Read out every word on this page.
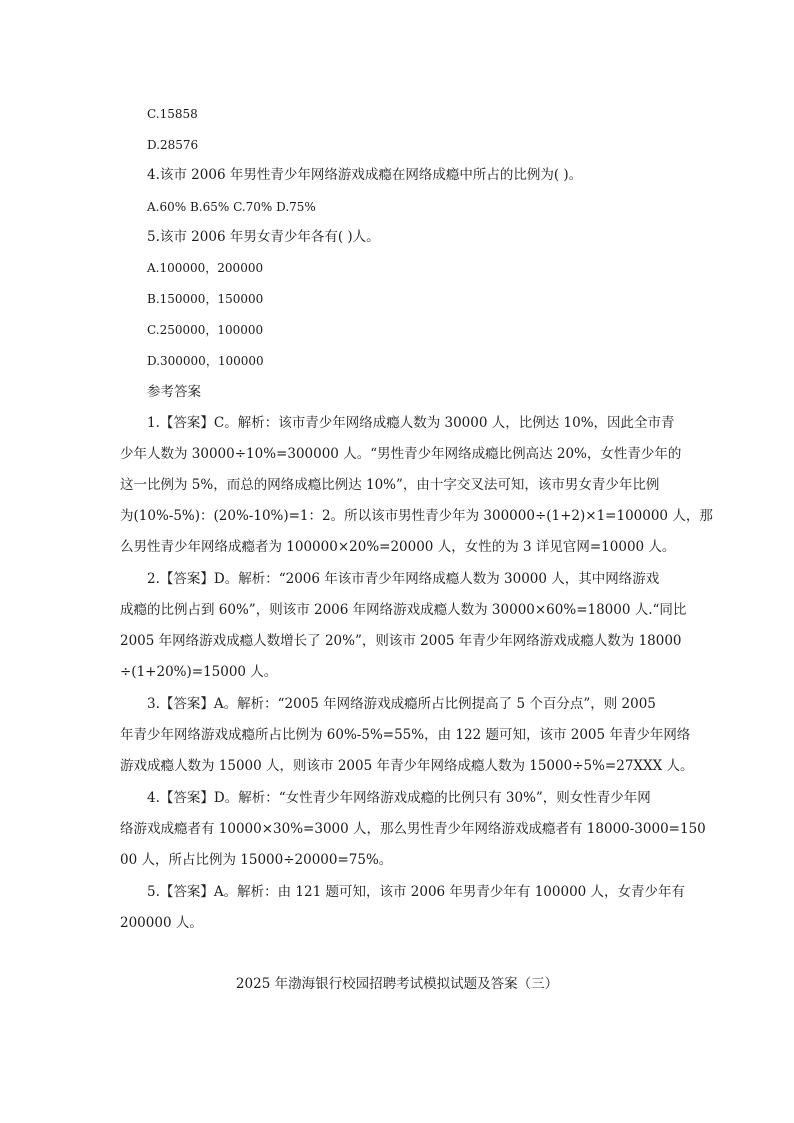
C.15858
D.28576
4.该市 2006 年男性青少年网络游戏成瘾在网络成瘾中所占的比例为( )。
A.60% B.65% C.70% D.75%
5.该市 2006 年男女青少年各有( )人。
A.100000，200000
B.150000，150000
C.250000，100000
D.300000，100000
参考答案
1.【答案】C。解析：该市青少年网络成瘾人数为 30000 人，比例达 10%，因此全市青
少年人数为 30000÷10%=300000 人。“男性青少年网络成瘾比例高达 20%，女性青少年的
这一比例为 5%，而总的网络成瘾比例达 10%”，由十字交叉法可知，该市男女青少年比例
为(10%-5%)：(20%-10%)=1：2。所以该市男性青少年为 300000÷(1+2)×1=100000 人，那
么男性青少年网络成瘾者为 100000×20%=20000 人，女性的为 3 详见官网=10000 人。
2.【答案】D。解析：“2006 年该市青少年网络成瘾人数为 30000 人，其中网络游戏
成瘾的比例占到 60%”，则该市 2006 年网络游戏成瘾人数为 30000×60%=18000 人.“同比
2005 年网络游戏成瘾人数增长了 20%”，则该市 2005 年青少年网络游戏成瘾人数为 18000
÷(1+20%)=15000 人。
3.【答案】A。解析：“2005 年网络游戏成瘾所占比例提高了 5 个百分点”，则 2005
年青少年网络游戏成瘾所占比例为 60%-5%=55%，由 122 题可知，该市 2005 年青少年网络
游戏成瘾人数为 15000 人，则该市 2005 年青少年网络成瘾人数为 15000÷5%=27XXX 人。
4.【答案】D。解析：“女性青少年网络游戏成瘾的比例只有 30%”，则女性青少年网
络游戏成瘾者有 10000×30%=3000 人，那么男性青少年网络游戏成瘾者有 18000-3000=150
00 人，所占比例为 15000÷20000=75%。
5.【答案】A。解析：由 121 题可知，该市 2006 年男青少年有 100000 人，女青少年有
200000 人。
2025 年渤海银行校园招聘考试模拟试题及答案（三）
